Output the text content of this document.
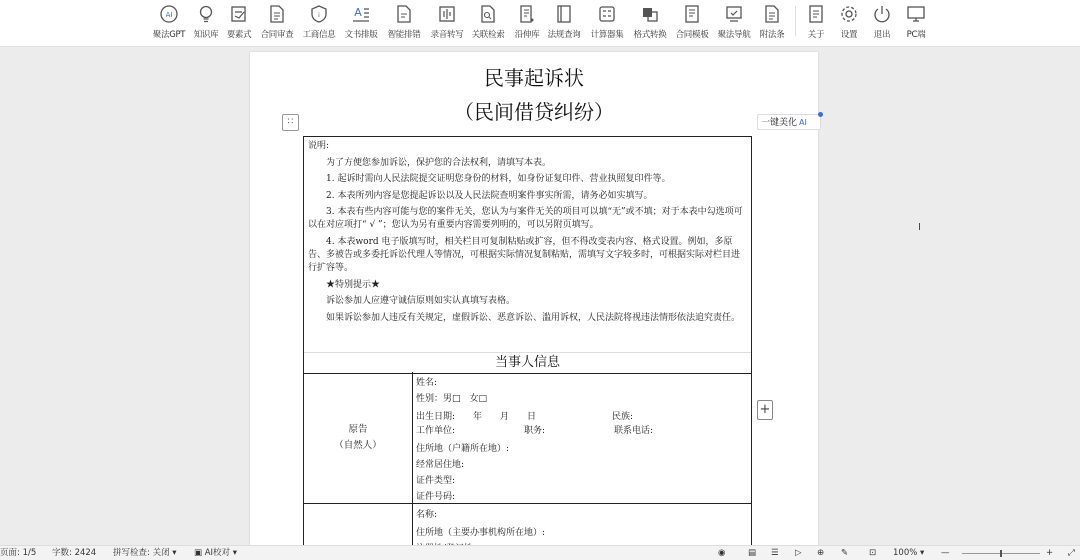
AI
聚法GPT 知识库 要素式 合同审查
i
工商信息
A
文书排版 智能排错 录音转写 关联检索 沿伸库 法规查询 计算器集 格式转换 合同模板 聚法导航 附法条	关于 设置 退出 PC端
民事起诉状
（民间借贷纠纷）
∷	一键美化 AI

说明:

为了方便您参加诉讼，保护您的合法权利，请填写本表。

1. 起诉时需向人民法院提交证明您身份的材料，如身份证复印件、营业执照复印件等。

2. 本表所列内容是您提起诉讼以及人民法院查明案件事实所需，请务必如实填写。

3. 本表有些内容可能与您的案件无关，您认为与案件无关的项目可以填“无”或不填；对于本表中勾选项可以在对应项打“ √ ”；您认为另有重要内容需要列明的，可以另附页填写。

4. 本表word 电子版填写时，相关栏目可复制粘贴或扩容，但不得改变表内容、格式设置。例如，多原告、多被告或多委托诉讼代理人等情况，可根据实际情况复制粘贴，需填写文字较多时，可根据实际对栏目进行扩容等。

★特别提示★

诉讼参加人应遵守诚信原则如实认真填写表格。

如果诉讼参加人违反有关规定，虚假诉讼、恶意诉讼、滥用诉权，人民法院将视违法情形依法追究责任。

当事人信息
原告
（自然人）
姓名:
性别：男□　女□
出生日期:　　年　　月　　日	民族:
工作单位:	职务:	联系电话:
住所地（户籍所在地）:
经常居住地:
证件类型:
证件号码:
名称:
住所地（主要办事机构所在地）:
+
I
页面: 1/5 字数: 2424 拼写检查: 关闭 ▾ ▣ AI校对 ▾	◉	▤ ☰ ▷ ⊕ ✎ ⊡ 100% ▾ —	+ ⤢
